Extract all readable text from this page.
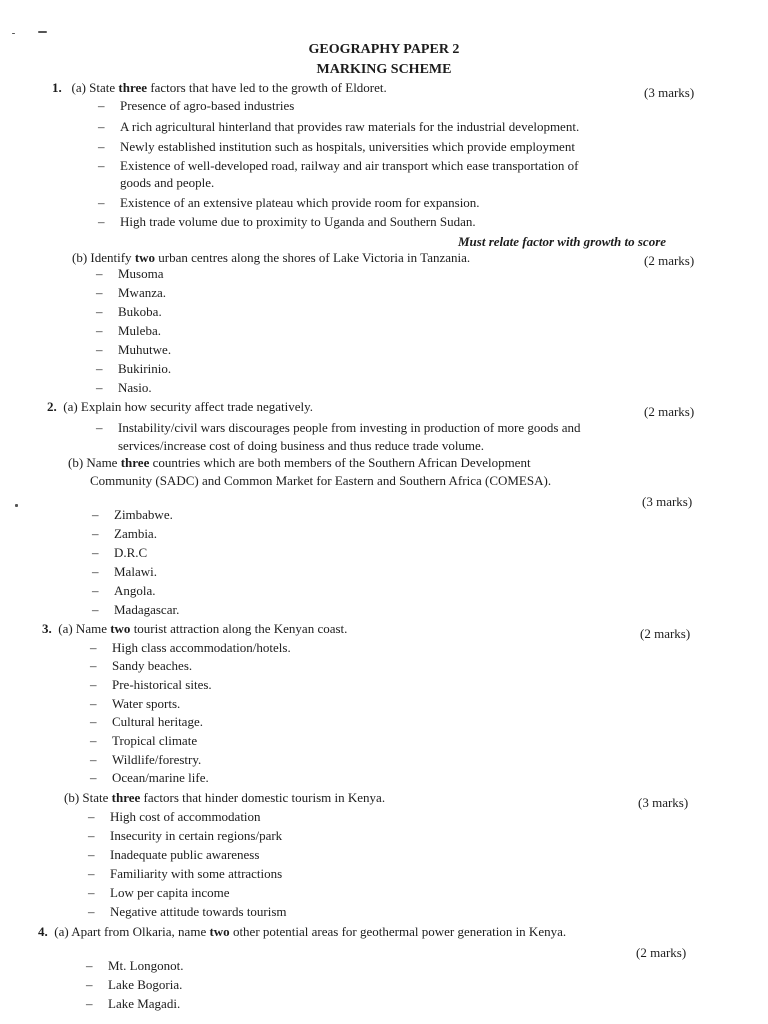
GEOGRAPHY PAPER 2
MARKING SCHEME
1. (a) State three factors that have led to the growth of Eldoret.	(3 marks)
– Presence of agro-based industries
– A rich agricultural hinterland that provides raw materials for the industrial development.
– Newly established institution such as hospitals, universities which provide employment
– Existence of well-developed road, railway and air transport which ease transportation of
goods and people.
– Existence of an extensive plateau which provide room for expansion.
– High trade volume due to proximity to Uganda and Southern Sudan.
Must relate factor with growth to score
(b) Identify two urban centres along the shores of Lake Victoria in Tanzania.	(2 marks)
– Musoma
– Mwanza.
– Bukoba.
– Muleba.
– Muhutwe.
– Bukirinio.
– Nasio.
2. (a) Explain how security affect trade negatively.	(2 marks)
– Instability/civil wars discourages people from investing in production of more goods and
services/increase cost of doing business and thus reduce trade volume.
(b) Name three countries which are both members of the Southern African Development
Community (SADC) and Common Market for Eastern and Southern Africa (COMESA).
(3 marks)
– Zimbabwe.
– Zambia.
– D.R.C
– Malawi.
– Angola.
– Madagascar.
3. (a) Name two tourist attraction along the Kenyan coast.	(2 marks)
– High class accommodation/hotels.
– Sandy beaches.
– Pre-historical sites.
– Water sports.
– Cultural heritage.
– Tropical climate
– Wildlife/forestry.
– Ocean/marine life.
(b) State three factors that hinder domestic tourism in Kenya.	(3 marks)
– High cost of accommodation
– Insecurity in certain regions/park
– Inadequate public awareness
– Familiarity with some attractions
– Low per capita income
– Negative attitude towards tourism
4. (a) Apart from Olkaria, name two other potential areas for geothermal power generation in Kenya.
(2 marks)
– Mt. Longonot.
– Lake Bogoria.
– Lake Magadi.
